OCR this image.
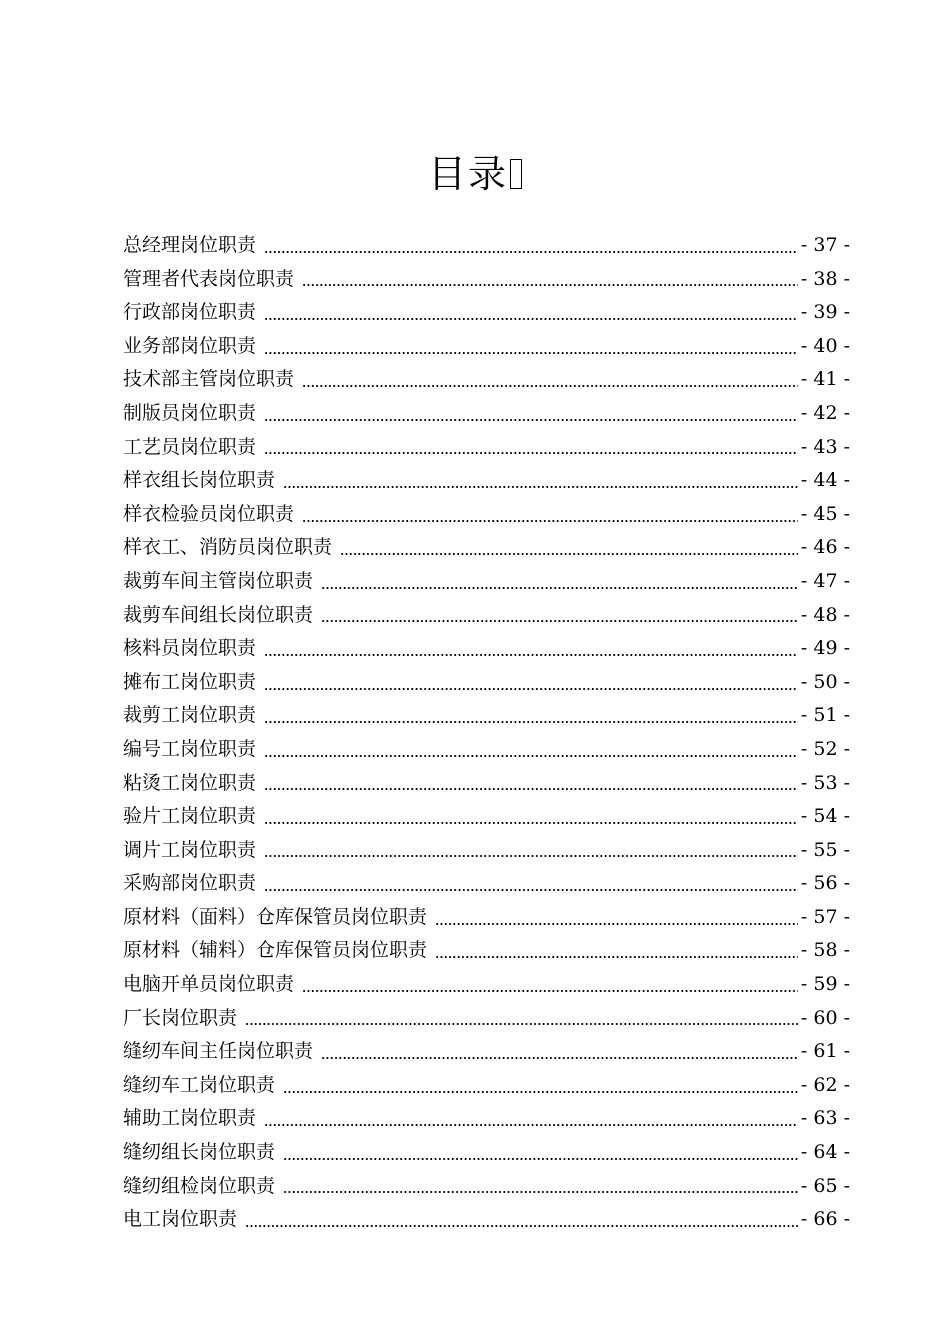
目录
总经理岗位职责	- 37 -
管理者代表岗位职责	- 38 -
行政部岗位职责	- 39 -
业务部岗位职责	- 40 -
技术部主管岗位职责	- 41 -
制版员岗位职责	- 42 -
工艺员岗位职责	- 43 -
样衣组长岗位职责	- 44 -
样衣检验员岗位职责	- 45 -
样衣工、消防员岗位职责	- 46 -
裁剪车间主管岗位职责	- 47 -
裁剪车间组长岗位职责	- 48 -
核料员岗位职责	- 49 -
摊布工岗位职责	- 50 -
裁剪工岗位职责	- 51 -
编号工岗位职责	- 52 -
粘烫工岗位职责	- 53 -
验片工岗位职责	- 54 -
调片工岗位职责	- 55 -
采购部岗位职责	- 56 -
原材料（面料）仓库保管员岗位职责	- 57 -
原材料（辅料）仓库保管员岗位职责	- 58 -
电脑开单员岗位职责	- 59 -
厂长岗位职责	- 60 -
缝纫车间主任岗位职责	- 61 -
缝纫车工岗位职责	- 62 -
辅助工岗位职责	- 63 -
缝纫组长岗位职责	- 64 -
缝纫组检岗位职责	- 65 -
电工岗位职责	- 66 -
